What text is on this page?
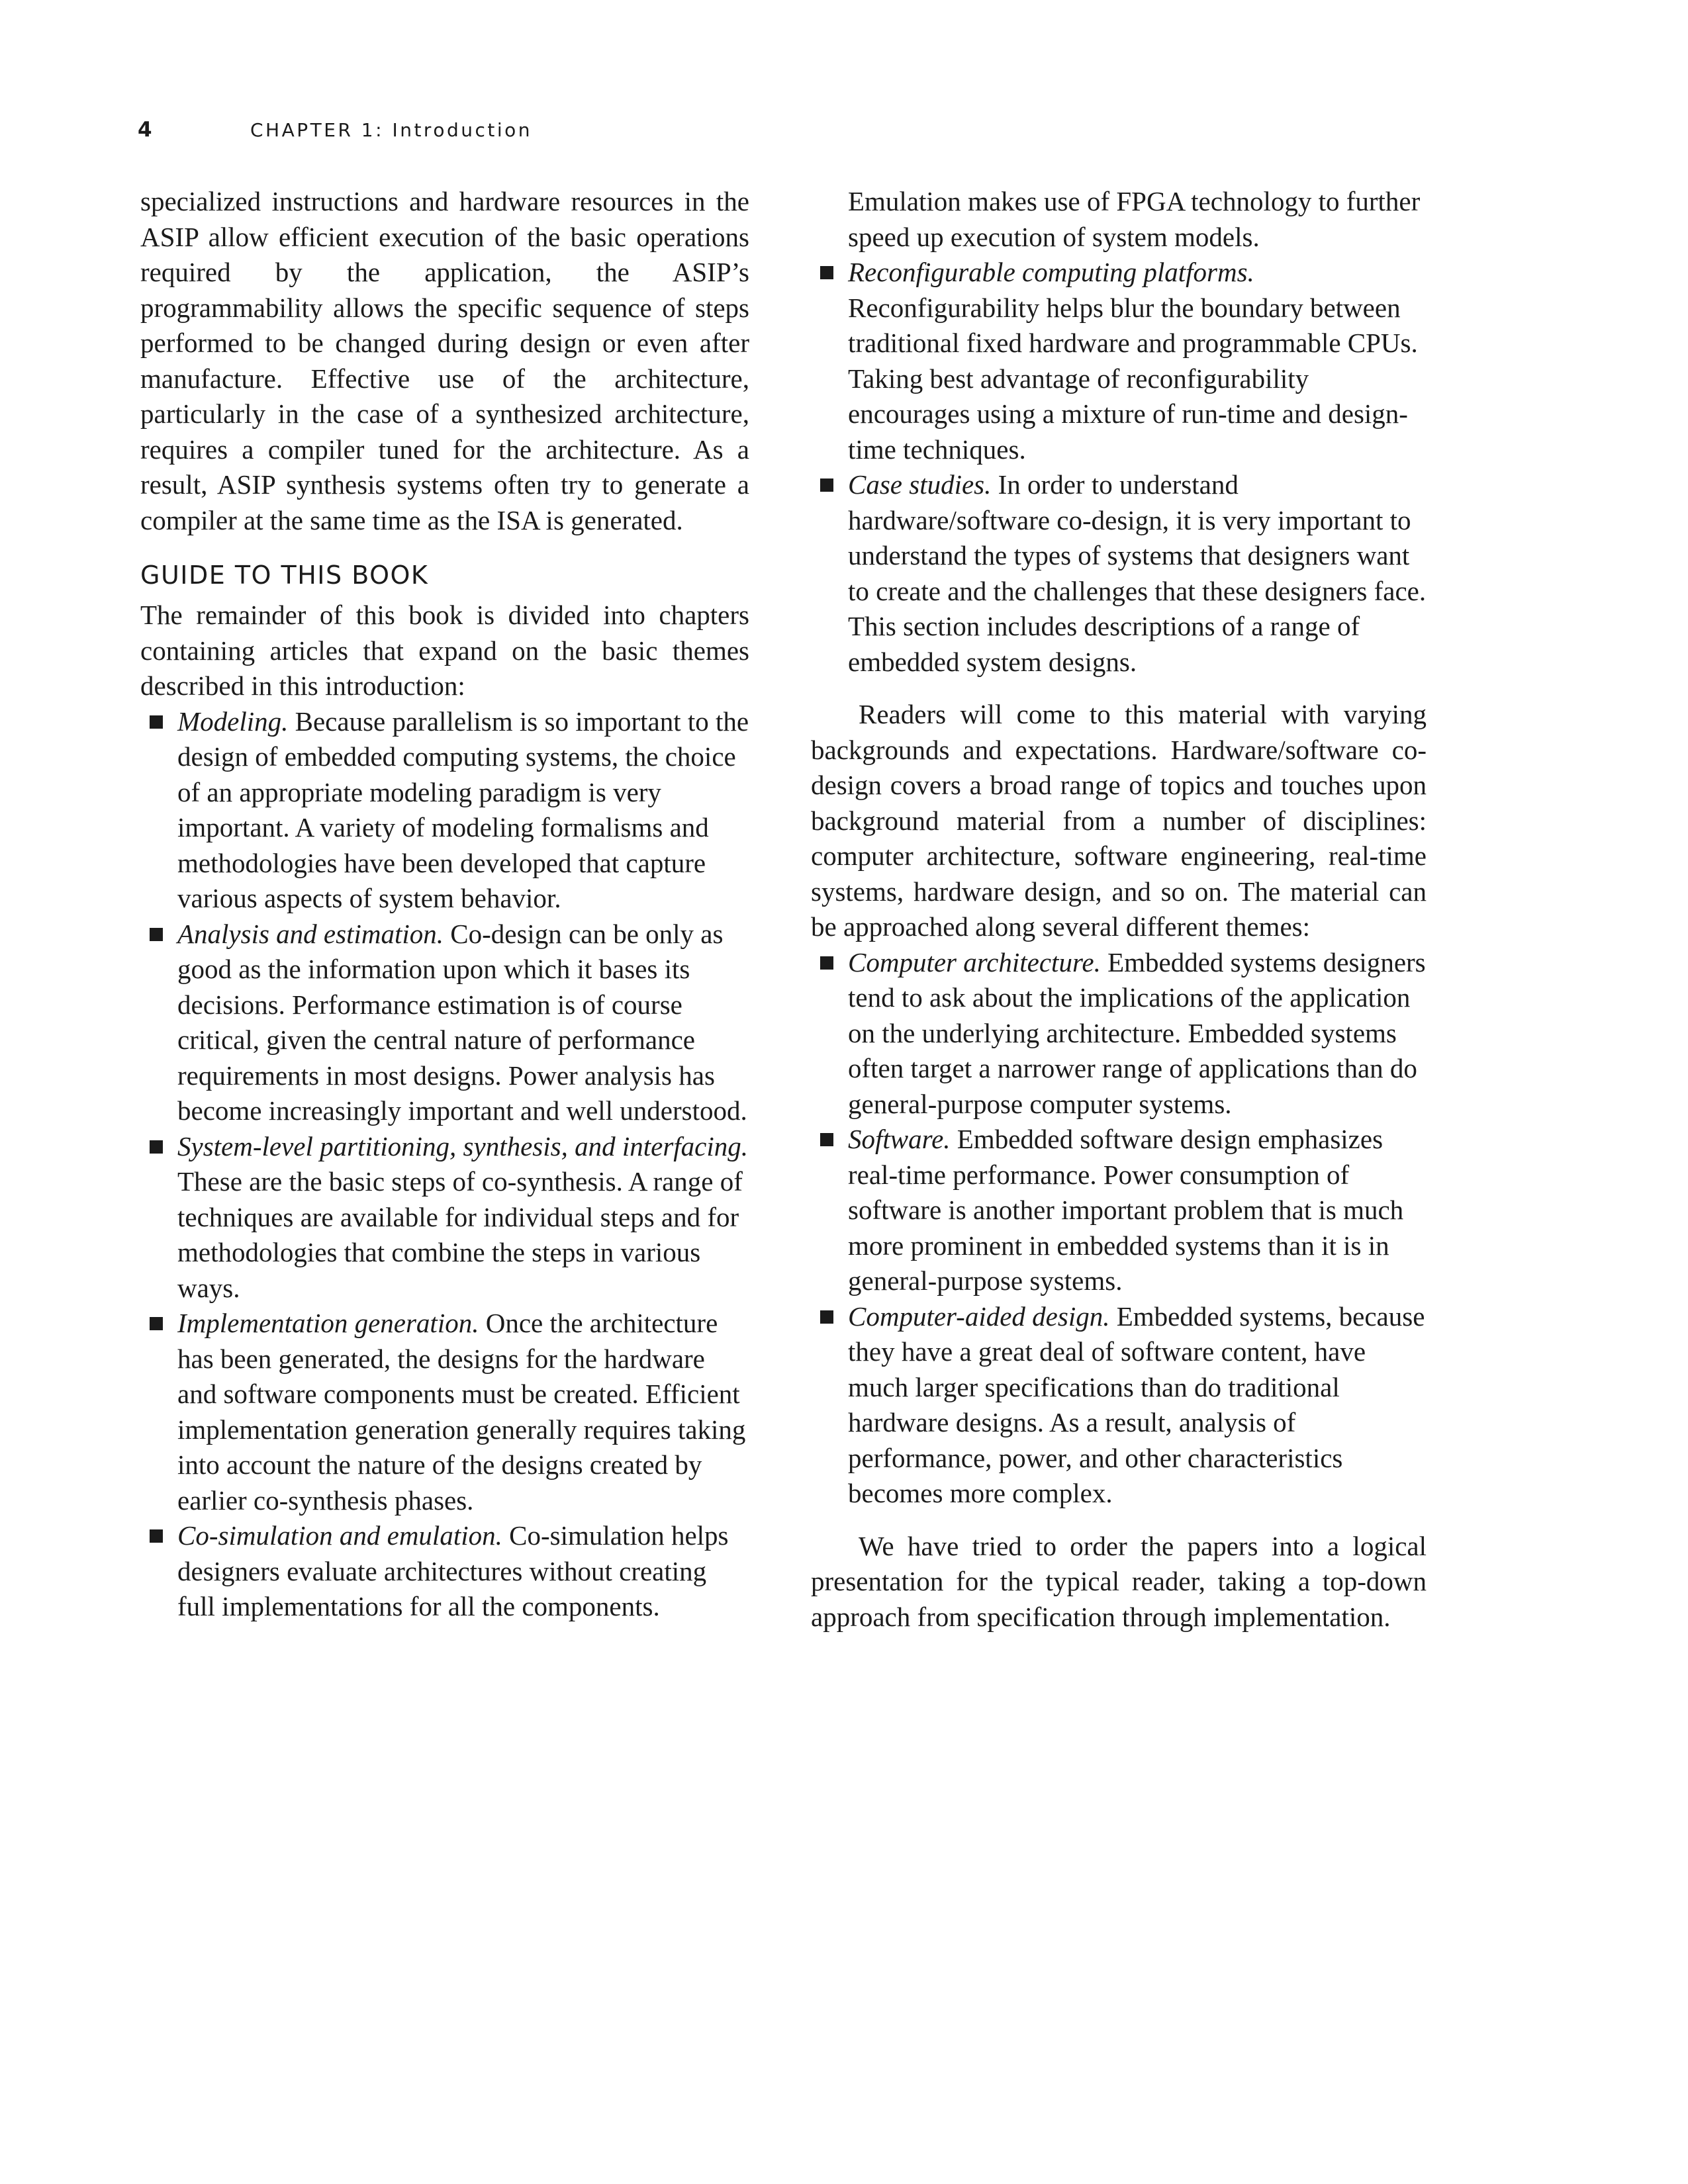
4	CHAPTER 1: Introduction

specialized instructions and hardware resources in the ASIP allow efficient execution of the basic operations required by the application, the ASIP’s programmability allows the specific sequence of steps performed to be changed during design or even after manufacture. Effective use of the architecture, particularly in the case of a synthesized architecture, requires a compiler tuned for the architecture. As a result, ASIP synthesis systems often try to generate a compiler at the same time as the ISA is generated.

GUIDE TO THIS BOOK

The remainder of this book is divided into chapters containing articles that expand on the basic themes described in this introduction:

Modeling. Because parallelism is so important to the design of embedded computing systems, the choice of an appropriate modeling paradigm is very important. A variety of modeling formalisms and methodologies have been developed that capture various aspects of system behavior.
Analysis and estimation. Co-design can be only as good as the information upon which it bases its decisions. Performance estimation is of course critical, given the central nature of performance requirements in most designs. Power analysis has become increasingly important and well understood.
System-level partitioning, synthesis, and interfacing. These are the basic steps of co-synthesis. A range of techniques are available for individual steps and for methodologies that combine the steps in various ways.
Implementation generation. Once the architecture has been generated, the designs for the hardware and software components must be created. Efficient implementation generation generally requires taking into account the nature of the designs created by earlier co-synthesis phases.
Co-simulation and emulation. Co-simulation helps designers evaluate architectures without creating full implementations for all the components.

Emulation makes use of FPGA technology to further speed up execution of system models.

Reconfigurable computing platforms. Reconfigurability helps blur the boundary between traditional fixed hardware and programmable CPUs. Taking best advantage of reconfigurability encourages using a mixture of run-time and design-time techniques.
Case studies. In order to understand hardware/software co-design, it is very important to understand the types of systems that designers want to create and the challenges that these designers face. This section includes descriptions of a range of embedded system designs.

Readers will come to this material with varying backgrounds and expectations. Hardware/software co-design covers a broad range of topics and touches upon background material from a number of disciplines: computer architecture, software engineering, real-time systems, hardware design, and so on. The material can be approached along several different themes:

Computer architecture. Embedded systems designers tend to ask about the implications of the application on the underlying architecture. Embedded systems often target a narrower range of applications than do general-purpose computer systems.
Software. Embedded software design emphasizes real-time performance. Power consumption of software is another important problem that is much more prominent in embedded systems than it is in general-purpose systems.
Computer-aided design. Embedded systems, because they have a great deal of software content, have much larger specifications than do traditional hardware designs. As a result, analysis of performance, power, and other characteristics becomes more complex.

We have tried to order the papers into a logical presentation for the typical reader, taking a top-down approach from specification through implementation.
